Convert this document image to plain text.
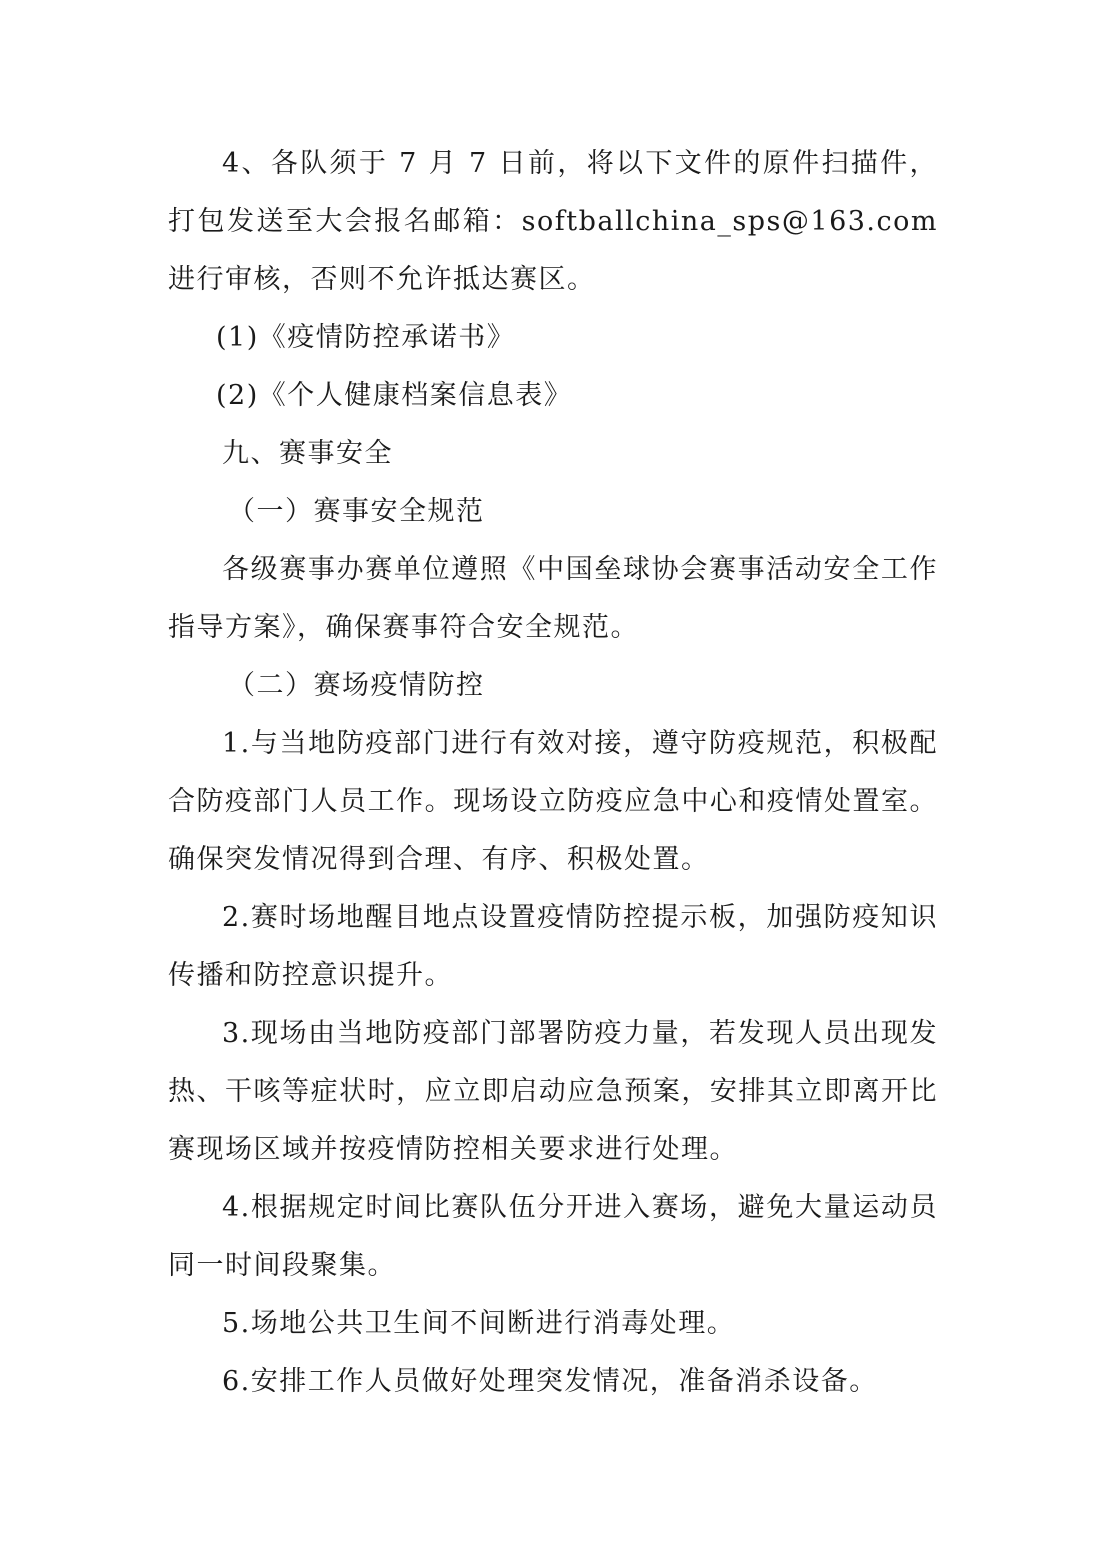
4、各队须于 7 月 7 日前，将以下文件的原件扫描件，打包发送至大会报名邮箱：softballchina_sps@163.com 进行审核，否则不允许抵达赛区。

(1)《疫情防控承诺书》

(2)《个人健康档案信息表》

九、赛事安全

（一）赛事安全规范

各级赛事办赛单位遵照《中国垒球协会赛事活动安全工作指导方案》，确保赛事符合安全规范。

（二）赛场疫情防控

1.与当地防疫部门进行有效对接，遵守防疫规范，积极配合防疫部门人员工作。现场设立防疫应急中心和疫情处置室。确保突发情况得到合理、有序、积极处置。

2.赛时场地醒目地点设置疫情防控提示板，加强防疫知识传播和防控意识提升。

3.现场由当地防疫部门部署防疫力量，若发现人员出现发热、干咳等症状时，应立即启动应急预案，安排其立即离开比赛现场区域并按疫情防控相关要求进行处理。

4.根据规定时间比赛队伍分开进入赛场，避免大量运动员同一时间段聚集。

5.场地公共卫生间不间断进行消毒处理。

6.安排工作人员做好处理突发情况，准备消杀设备。
